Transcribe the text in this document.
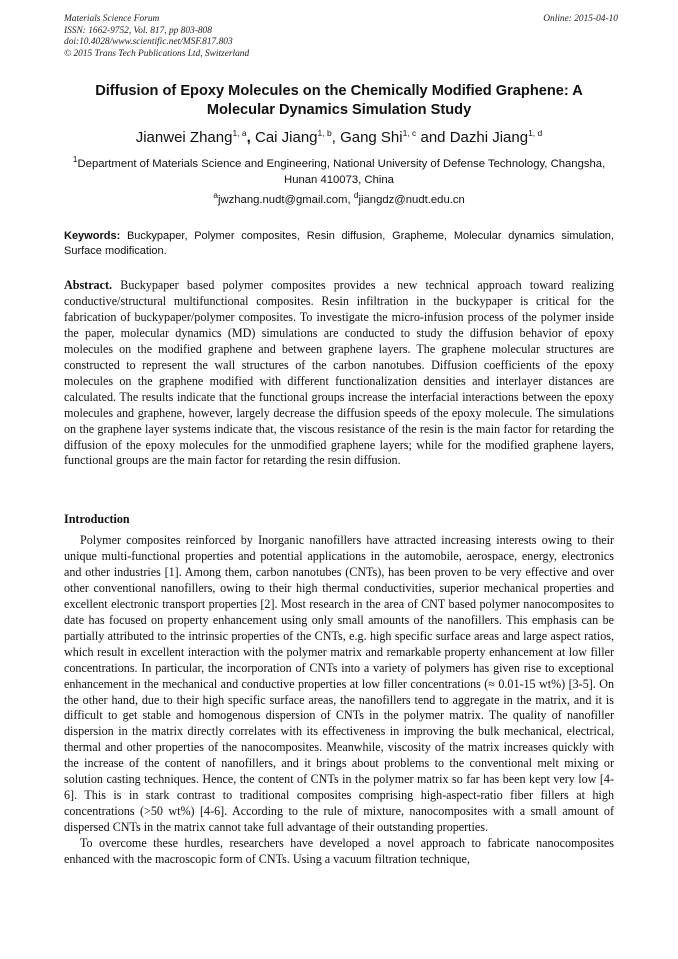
Materials Science Forum
ISSN: 1662-9752, Vol. 817, pp 803-808
doi:10.4028/www.scientific.net/MSF.817.803
© 2015 Trans Tech Publications Ltd, Switzerland
Online: 2015-04-10
Diffusion of Epoxy Molecules on the Chemically Modified Graphene: A Molecular Dynamics Simulation Study
Jianwei Zhang$^{1, a}$, Cai Jiang$^{1, b}$, Gang Shi$^{1, c}$ and Dazhi Jiang$^{1, d}$
$^1$Department of Materials Science and Engineering, National University of Defense Technology, Changsha, Hunan 410073, China
$^a$jwzhang.nudt@gmail.com, $^d$jiangdz@nudt.edu.cn
Keywords: Buckypaper, Polymer composites, Resin diffusion, Grapheme, Molecular dynamics simulation, Surface modification.
Abstract. Buckypaper based polymer composites provides a new technical approach toward realizing conductive/structural multifunctional composites. Resin infiltration in the buckypaper is critical for the fabrication of buckypaper/polymer composites. To investigate the micro-infusion process of the polymer inside the paper, molecular dynamics (MD) simulations are conducted to study the diffusion behavior of epoxy molecules on the modified graphene and between graphene layers. The graphene molecular structures are constructed to represent the wall structures of the carbon nanotubes. Diffusion coefficients of the epoxy molecules on the graphene modified with different functionalization densities and interlayer distances are calculated. The results indicate that the functional groups increase the interfacial interactions between the epoxy molecules and graphene, however, largely decrease the diffusion speeds of the epoxy molecule. The simulations on the graphene layer systems indicate that, the viscous resistance of the resin is the main factor for retarding the diffusion of the epoxy molecules for the unmodified graphene layers; while for the modified graphene layers, functional groups are the main factor for retarding the resin diffusion.
Introduction

Polymer composites reinforced by Inorganic nanofillers have attracted increasing interests owing to their unique multi-functional properties and potential applications in the automobile, aerospace, energy, electronics and other industries [1]. Among them, carbon nanotubes (CNTs), has been proven to be very effective and over other conventional nanofillers, owing to their high thermal conductivities, superior mechanical properties and excellent electronic transport properties [2]. Most research in the area of CNT based polymer nanocomposites to date has focused on property enhancement using only small amounts of the nanofillers. This emphasis can be partially attributed to the intrinsic properties of the CNTs, e.g. high specific surface areas and large aspect ratios, which result in excellent interaction with the polymer matrix and remarkable property enhancement at low filler concentrations. In particular, the incorporation of CNTs into a variety of polymers has given rise to exceptional enhancement in the mechanical and conductive properties at low filler concentrations (≈ 0.01-15 wt%) [3-5]. On the other hand, due to their high specific surface areas, the nanofillers tend to aggregate in the matrix, and it is difficult to get stable and homogenous dispersion of CNTs in the polymer matrix. The quality of nanofiller dispersion in the matrix directly correlates with its effectiveness in improving the bulk mechanical, electrical, thermal and other properties of the nanocomposites. Meanwhile, viscosity of the matrix increases quickly with the increase of the content of nanofillers, and it brings about problems to the conventional melt mixing or solution casting techniques. Hence, the content of CNTs in the polymer matrix so far has been kept very low [4-6]. This is in stark contrast to traditional composites comprising high-aspect-ratio fiber fillers at high concentrations (>50 wt%) [4-6]. According to the rule of mixture, nanocomposites with a small amount of dispersed CNTs in the matrix cannot take full advantage of their outstanding properties.

To overcome these hurdles, researchers have developed a novel approach to fabricate nanocomposites enhanced with the macroscopic form of CNTs. Using a vacuum filtration technique,
